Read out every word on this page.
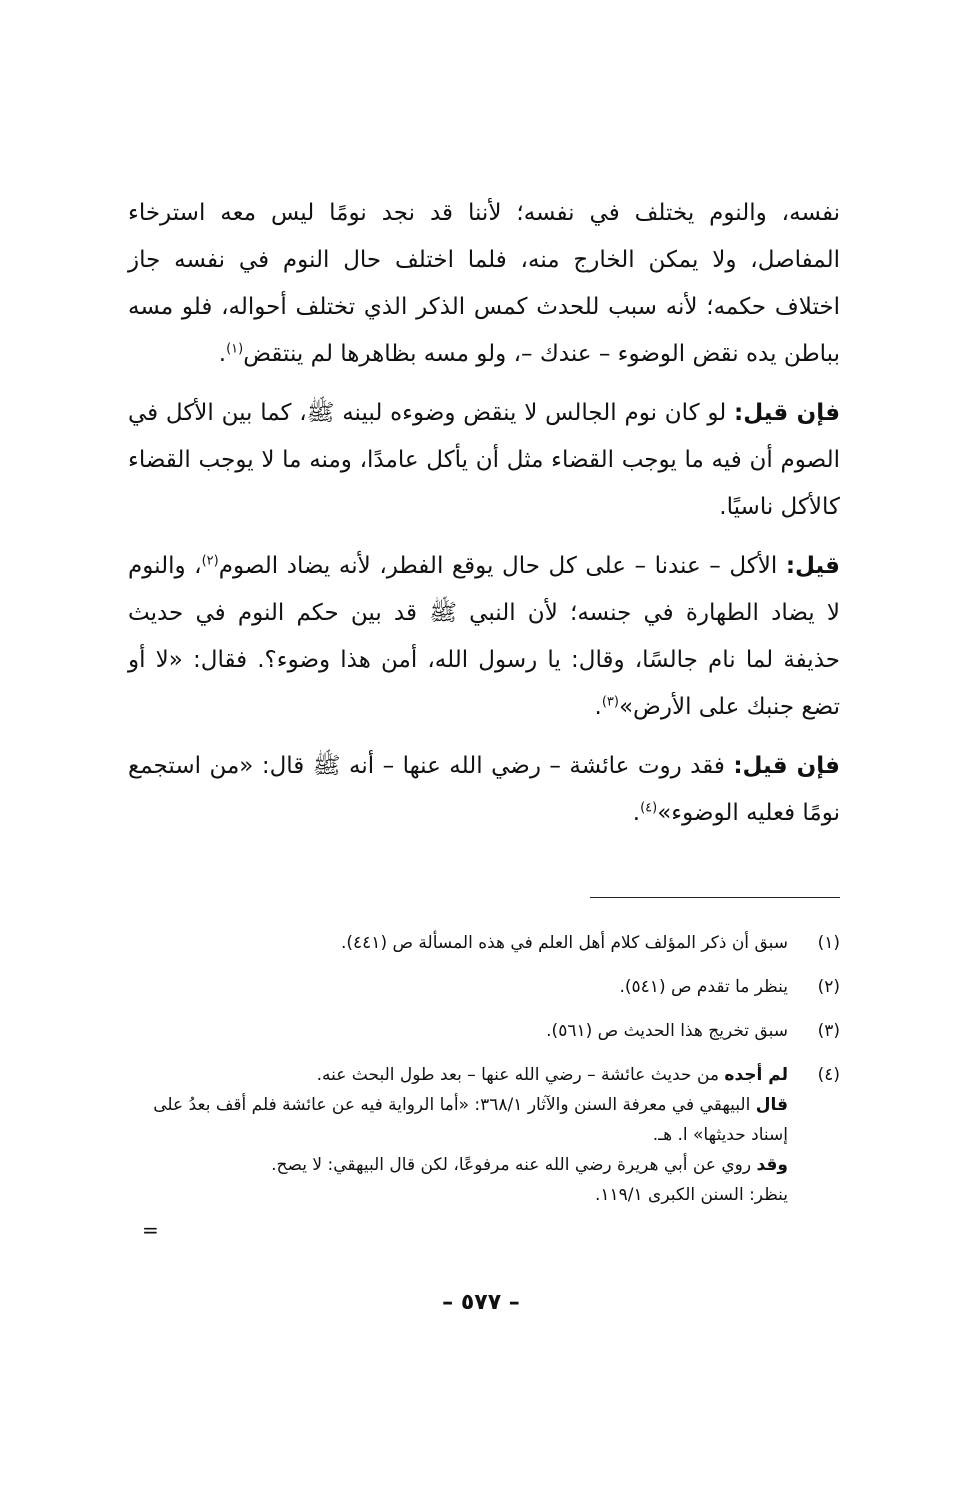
نفسه، والنوم يختلف في نفسه؛ لأننا قد نجد نومًا ليس معه استرخاء المفاصل، ولا يمكن الخارج منه، فلما اختلف حال النوم في نفسه جاز اختلاف حكمه؛ لأنه سبب للحدث كمس الذكر الذي تختلف أحواله، فلو مسه بباطن يده نقض الوضوء – عندك –، ولو مسه بظاهرها لم ينتقض$^{(١)}$.

فإن قيل: لو كان نوم الجالس لا ينقض وضوءه لبينه ﷺ، كما بين الأكل في الصوم أن فيه ما يوجب القضاء مثل أن يأكل عامدًا، ومنه ما لا يوجب القضاء كالأكل ناسيًا.

قيل: الأكل – عندنا – على كل حال يوقع الفطر، لأنه يضاد الصوم$^{(٢)}$، والنوم لا يضاد الطهارة في جنسه؛ لأن النبي ﷺ قد بين حكم النوم في حديث حذيفة لما نام جالسًا، وقال: يا رسول الله، أمن هذا وضوء؟. فقال: «لا أو تضع جنبك على الأرض»$^{(٣)}$.

فإن قيل: فقد روت عائشة – رضي الله عنها – أنه ﷺ قال: «من استجمع نومًا فعليه الوضوء»$^{(٤)}$.

(١)
سبق أن ذكر المؤلف كلام أهل العلم في هذه المسألة ص (٤٤١).
(٢)
ينظر ما تقدم ص (٥٤١).
(٣)
سبق تخريج هذا الحديث ص (٥٦١).
(٤)
لم أجده من حديث عائشة – رضي الله عنها – بعد طول البحث عنه.
قال البيهقي في معرفة السنن والآثار ٣٦٨/١: «أما الرواية فيه عن عائشة فلم أقف بعدُ على إسناد حديثها» ا. هـ.
وقد روي عن أبي هريرة رضي الله عنه مرفوعًا، لكن قال البيهقي: لا يصح.
ينظر: السنن الكبرى ١١٩/١.
=
– ٥٧٧ –
